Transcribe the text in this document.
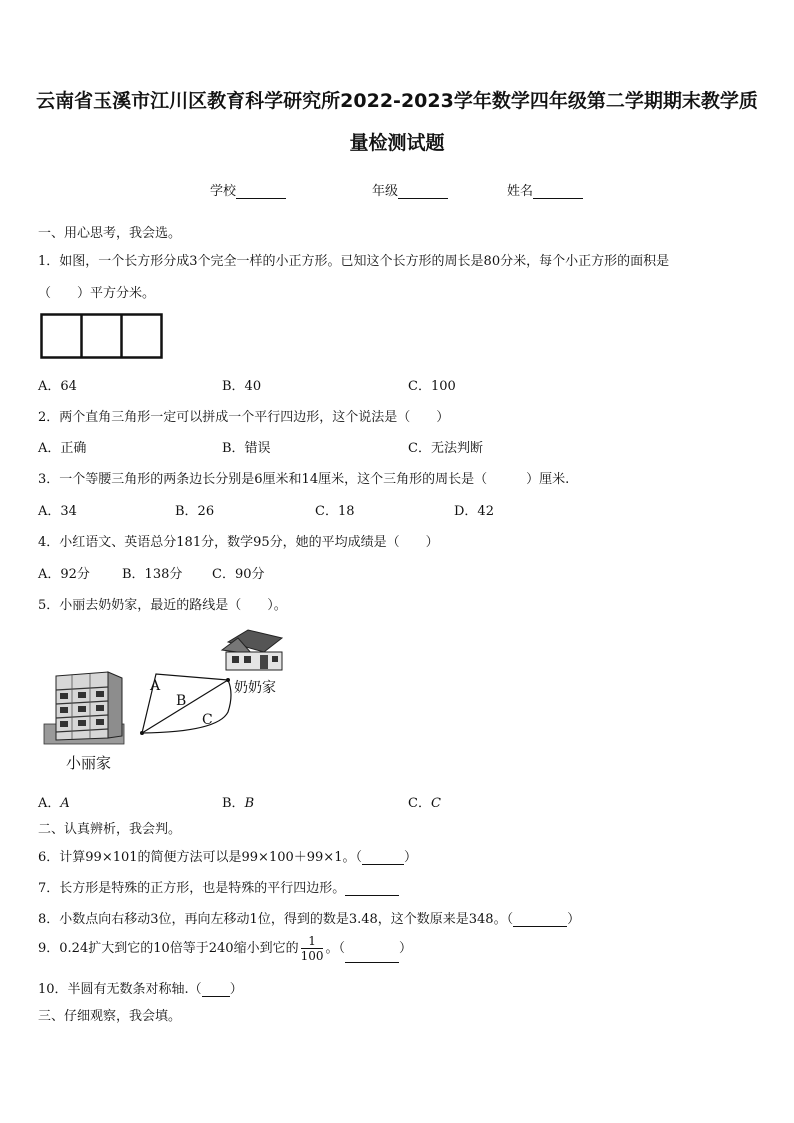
云南省玉溪市江川区教育科学研究所2022-2023学年数学四年级第二学期期末教学质
量检测试题
学校	年级	姓名
一、用心思考，我会选。
1．如图，一个长方形分成3个完全一样的小正方形。已知这个长方形的周长是80分米，每个小正方形的面积是
（　　）平方分米。
A．64	B．40	C．100
2．两个直角三角形一定可以拼成一个平行四边形，这个说法是（　　）
A．正确	B．错误	C．无法判断
3．一个等腰三角形的两条边长分别是6厘米和14厘米，这个三角形的周长是（　　　）厘米.
A．34	B．26	C．18	D．42
4．小红语文、英语总分181分，数学95分，她的平均成绩是（　　）
A．92分 B．138分 C．90分
5．小丽去奶奶家，最近的路线是（　　）。
A
B
C
奶奶家
小丽家
A．A	B．B	C．C
二、认真辨析，我会判。
6．计算99×101的简便方法可以是99×100＋99×1。（	）
7．长方形是特殊的正方形，也是特殊的平行四边形。
8．小数点向右移动3位，再向左移动1位，得到的数是3.48，这个数原来是348。（	）
9．0.24扩大到它的10倍等于240缩小到它的 $\frac{1}{100}$ 。（	）
10．半圆有无数条对称轴.（ ）
三、仔细观察，我会填。
